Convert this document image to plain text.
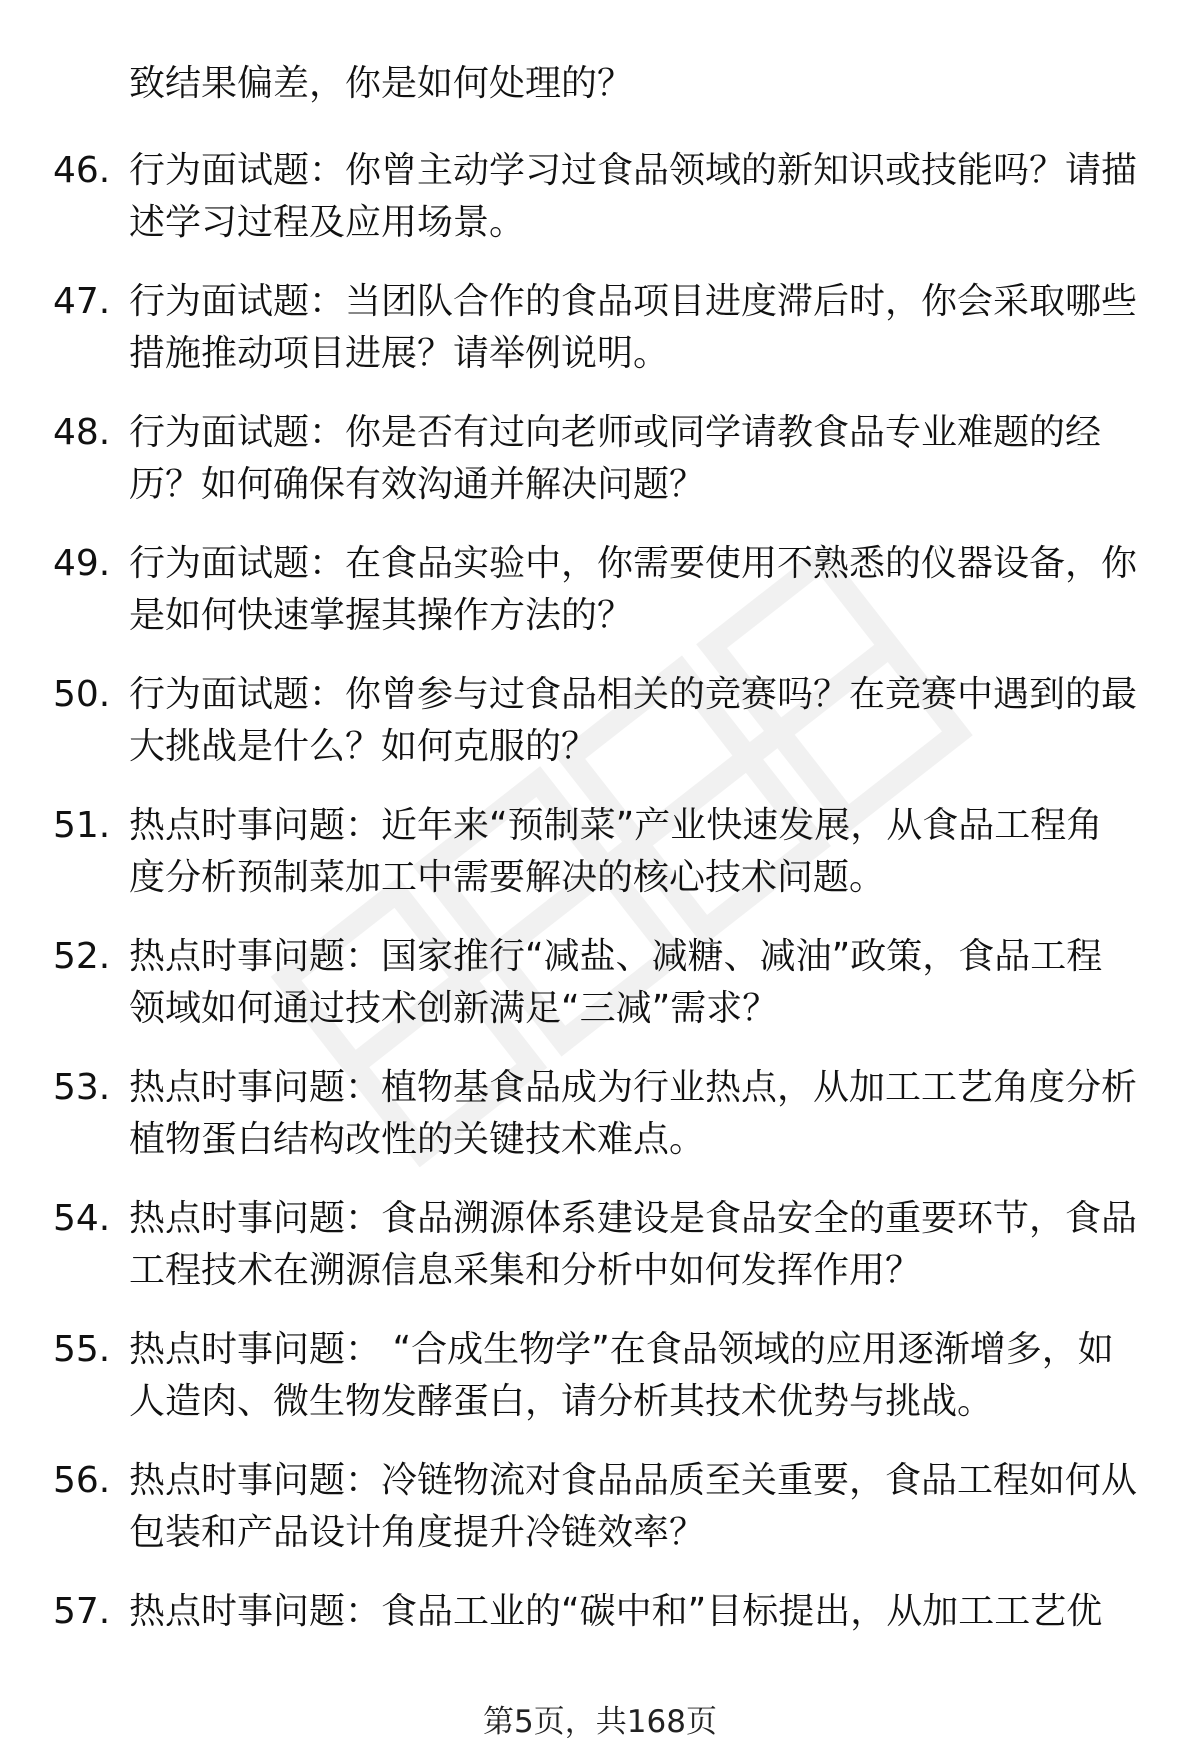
致结果偏差，你是如何处理的？
46. 行为面试题：你曾主动学习过食品领域的新知识或技能吗？请描
述学习过程及应用场景。
47. 行为面试题：当团队合作的食品项目进度滞后时，你会采取哪些
措施推动项目进展？请举例说明。
48. 行为面试题：你是否有过向老师或同学请教食品专业难题的经
历？如何确保有效沟通并解决问题？
49. 行为面试题：在食品实验中，你需要使用不熟悉的仪器设备，你
是如何快速掌握其操作方法的？
50. 行为面试题：你曾参与过食品相关的竞赛吗？在竞赛中遇到的最
大挑战是什么？如何克服的？
51. 热点时事问题：近年来“预制菜”产业快速发展，从食品工程角
度分析预制菜加工中需要解决的核心技术问题。
52. 热点时事问题：国家推行“减盐、减糖、减油”政策，食品工程
领域如何通过技术创新满足“三减”需求？
53. 热点时事问题：植物基食品成为行业热点，从加工工艺角度分析
植物蛋白结构改性的关键技术难点。
54. 热点时事问题：食品溯源体系建设是食品安全的重要环节，食品
工程技术在溯源信息采集和分析中如何发挥作用？
55. 热点时事问题： “合成生物学”在食品领域的应用逐渐增多，如
人造肉、微生物发酵蛋白，请分析其技术优势与挑战。
56. 热点时事问题：冷链物流对食品品质至关重要，食品工程如何从
包装和产品设计角度提升冷链效率？
57. 热点时事问题：食品工业的“碳中和”目标提出，从加工工艺优
第5页，共168页
